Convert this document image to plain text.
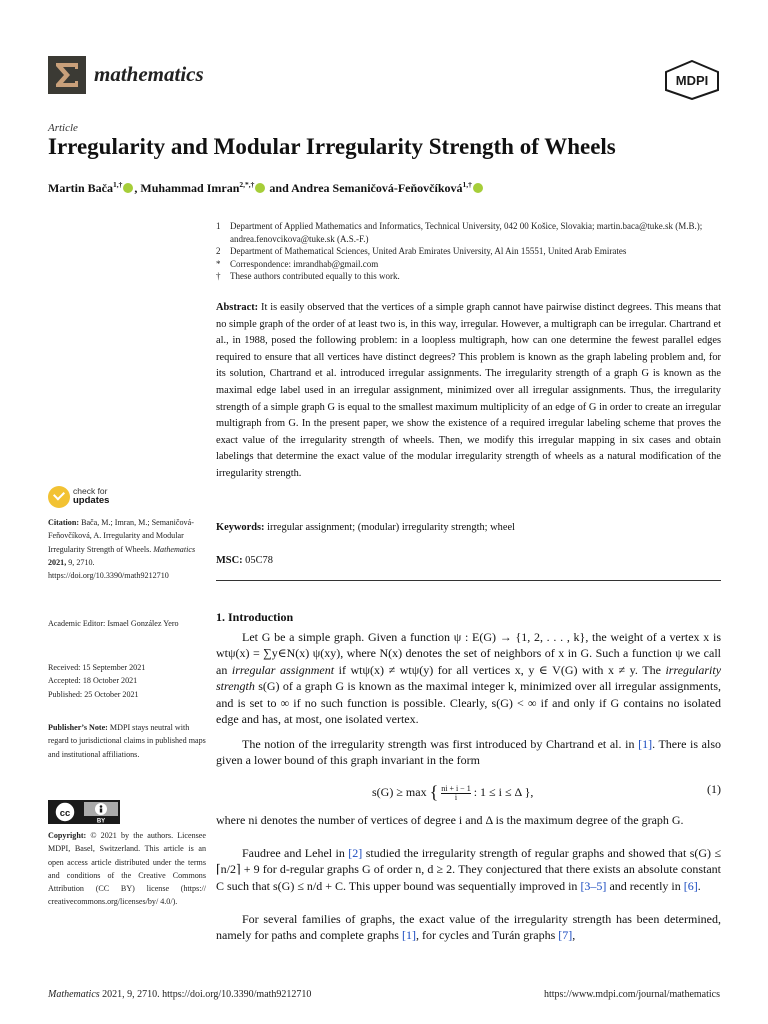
mathematics	MDPI
Article
Irregularity and Modular Irregularity Strength of Wheels
Martin Bača$^{1,\dagger}$ , Muhammad Imran$^{2,*,\dagger}$ and Andrea Semaničová-Feňovčíková$^{1,\dagger}$
1 Department of Applied Mathematics and Informatics, Technical University, 042 00 Košice, Slovakia; martin.baca@tuke.sk (M.B.); andrea.fenovcikova@tuke.sk (A.S.-F.)
2 Department of Mathematical Sciences, United Arab Emirates University, Al Ain 15551, United Arab Emirates
* Correspondence: imrandhab@gmail.com
† These authors contributed equally to this work.
Abstract: It is easily observed that the vertices of a simple graph cannot have pairwise distinct degrees. This means that no simple graph of the order of at least two is, in this way, irregular. However, a multigraph can be irregular. Chartrand et al., in 1988, posed the following problem: in a loopless multigraph, how can one determine the fewest parallel edges required to ensure that all vertices have distinct degrees? This problem is known as the graph labeling problem and, for its solution, Chartrand et al. introduced irregular assignments. The irregularity strength of a graph G is known as the maximal edge label used in an irregular assignment, minimized over all irregular assignments. Thus, the irregularity strength of a simple graph G is equal to the smallest maximum multiplicity of an edge of G in order to create an irregular multigraph from G. In the present paper, we show the existence of a required irregular labeling scheme that proves the exact value of the irregularity strength of wheels. Then, we modify this irregular mapping in six cases and obtain labelings that determine the exact value of the modular irregularity strength of wheels as a natural modification of the irregularity strength.
Keywords: irregular assignment; (modular) irregularity strength; wheel
MSC: 05C78
check for
updates
Citation: Bača, M.; Imran, M.; Semaničová-Feňovčíková, A. Irregularity and Modular Irregularity Strength of Wheels. Mathematics 2021, 9, 2710. https://doi.org/10.3390/math9212710
Academic Editor: Ismael González Yero
Received: 15 September 2021
Accepted: 18 October 2021
Published: 25 October 2021
Publisher’s Note: MDPI stays neutral with regard to jurisdictional claims in published maps and institutional affiliations.
cc
BY
Copyright: © 2021 by the authors. Licensee MDPI, Basel, Switzerland. This article is an open access article distributed under the terms and conditions of the Creative Commons Attribution (CC BY) license (https:// creativecommons.org/licenses/by/ 4.0/).
1. Introduction
Let G be a simple graph. Given a function ψ : E(G) → {1, 2, . . . , k}, the weight of a vertex x is wtψ(x) = ∑y∈N(x) ψ(xy), where N(x) denotes the set of neighbors of x in G. Such a function ψ we call an irregular assignment if wtψ(x) ≠ wtψ(y) for all vertices x, y ∈ V(G) with x ≠ y. The irregularity strength s(G) of a graph G is known as the maximal integer k, minimized over all irregular assignments, and is set to ∞ if no such function is possible. Clearly, s(G) < ∞ if and only if G contains no isolated edge and has, at most, one isolated vertex.
The notion of the irregularity strength was first introduced by Chartrand et al. in [1]. There is also given a lower bound of this graph invariant in the form
s(G) ≥ max { $\frac{ni + i - 1}{i}$ : 1 ≤ i ≤ Δ },	(1)
where ni denotes the number of vertices of degree i and Δ is the maximum degree of the graph G.
Faudree and Lehel in [2] studied the irregularity strength of regular graphs and showed that s(G) ≤ ⌈n/2⌉ + 9 for d-regular graphs G of order n, d ≥ 2. They conjectured that there exists an absolute constant C such that s(G) ≤ n/d + C. This upper bound was sequentially improved in [3–5] and recently in [6].
For several families of graphs, the exact value of the irregularity strength has been determined, namely for paths and complete graphs [1], for cycles and Turán graphs [7],
Mathematics 2021, 9, 2710. https://doi.org/10.3390/math9212710	https://www.mdpi.com/journal/mathematics
